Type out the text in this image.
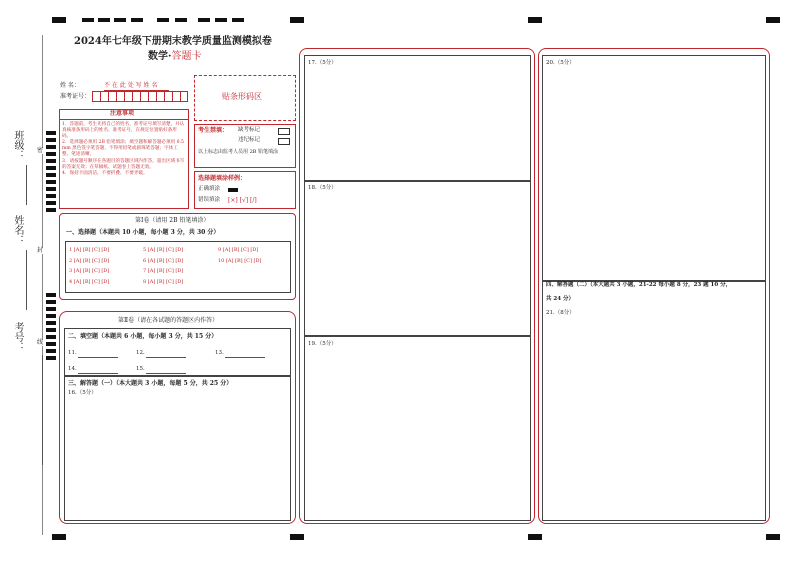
密
封
线
班级：
姓名：
考号：
2024年七年级下册期末教学质量监测模拟卷
数学·答题卡
姓 名：	不 在 此 处 写 姓 名
准考证号：	贴条形码区
注意事项

1．答题前，考生先将自己的姓名，准考证号填写清楚，并认真核准条形码上的姓名、准考证号，在规定位置贴好条形码。

2．选择题必须用 2B 铅笔填涂；填空题和解答题必须用 0.5 mm 黑色签字笔答题，不得用铅笔或圆珠笔答题；字体工整、笔迹清晰。

3．请按题号顺序在各题目的答题区域内作答，超出区域书写的答案无效；在草稿纸、试题卷上答题无效。

4．保持卡面清洁，不要折叠、不要弄破。

考生禁填： 缺考标记
违纪标记
以上标志由监考人员用 2B 铅笔填涂
选择题填涂样例：
正确填涂
错误填涂 [×] [√] [/]
第Ⅰ卷（请用 2B 铅笔填涂）
一、选择题（本题共 10 小题，每小题 3 分，共 30 分）
1 [A] [B] [C] [D]
2 [A] [B] [C] [D]
3 [A] [B] [C] [D]
4 [A] [B] [C] [D]
5 [A] [B] [C] [D]
6 [A] [B] [C] [D]
7 [A] [B] [C] [D]
8 [A] [B] [C] [D]
9 [A] [B] [C] [D]
10 [A] [B] [C] [D]
第Ⅱ卷（请在各试题的答题区内作答）
二、填空题（本题共 6 小题，每小题 3 分，共 15 分）
11.	12.	13.
14.	15.
三、解答题（一）（本大题共 3 小题，每题 5 分，共 25 分）
16.（5分）
17.（5分）
18.（5分）
19.（5分）
20.（5分）
四、解答题（二）（本大题共 3 小题，21-22 每小题 8 分，23 题 10 分，
共 24 分）
21.（8分）
